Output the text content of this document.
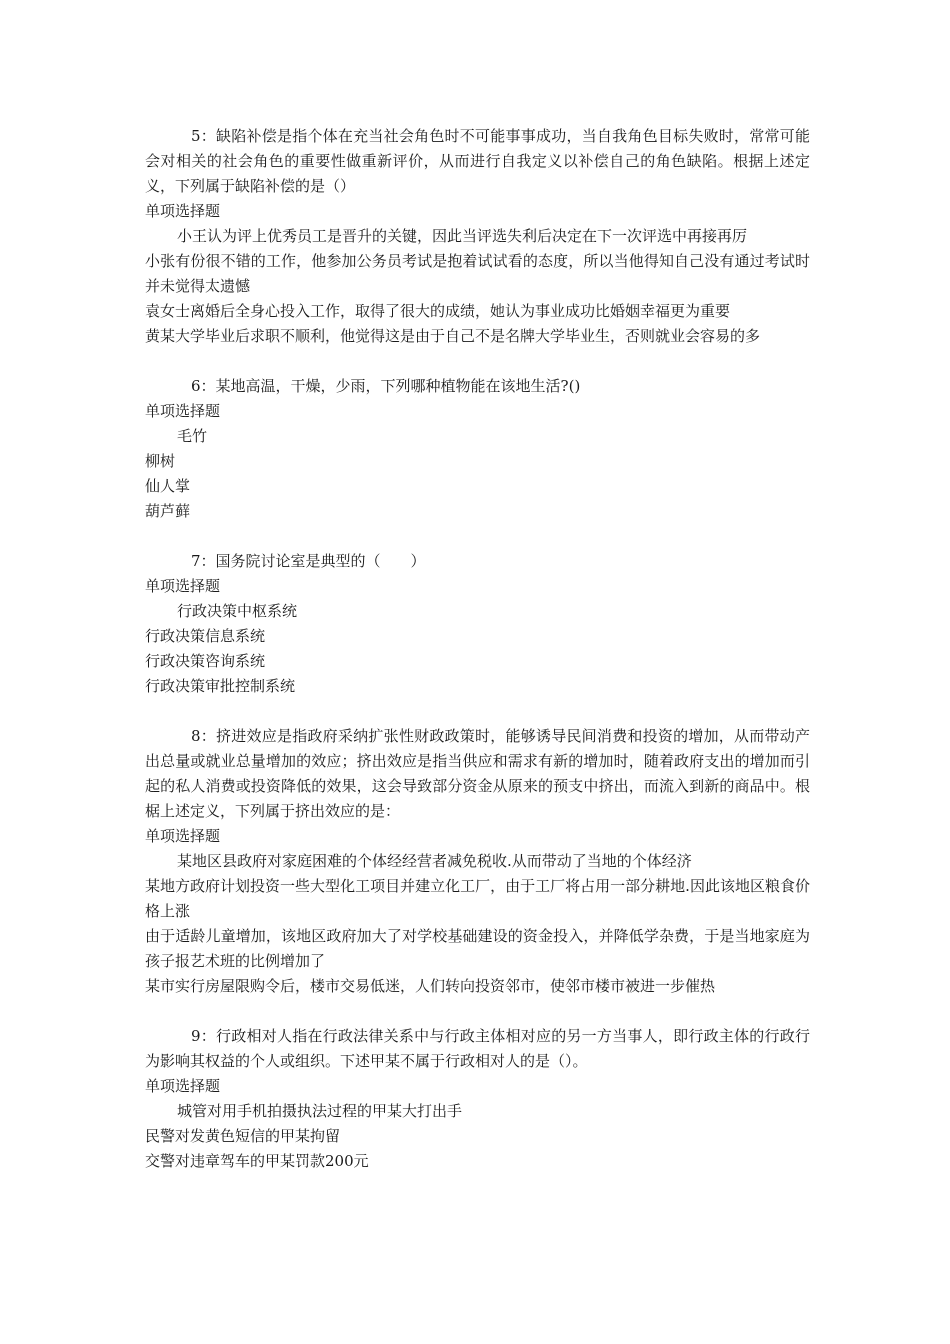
5：缺陷补偿是指个体在充当社会角色时不可能事事成功，当自我角色目标失败时，常常可能会对相关的社会角色的重要性做重新评价，从而进行自我定义以补偿自己的角色缺陷。根据上述定义，下列属于缺陷补偿的是（）

单项选择题

小王认为评上优秀员工是晋升的关键，因此当评选失利后决定在下一次评选中再接再厉
小张有份很不错的工作，他参加公务员考试是抱着试试看的态度，所以当他得知自己没有通过考试时并未觉得太遗憾
袁女士离婚后全身心投入工作，取得了很大的成绩，她认为事业成功比婚姻幸福更为重要
黄某大学毕业后求职不顺利，他觉得这是由于自己不是名牌大学毕业生，否则就业会容易的多

6：某地高温，干燥，少雨，下列哪种植物能在该地生活?()

单项选择题

毛竹
柳树
仙人掌
葫芦藓

7：国务院讨论室是典型的（　　）

单项选择题

行政决策中枢系统
行政决策信息系统
行政决策咨询系统
行政决策审批控制系统

8：挤进效应是指政府采纳扩张性财政政策时，能够诱导民间消费和投资的增加，从而带动产出总量或就业总量增加的效应；挤出效应是指当供应和需求有新的增加时，随着政府支出的增加而引起的私人消费或投资降低的效果，这会导致部分资金从原来的预支中挤出，而流入到新的商品中。根椐上述定义，下列属于挤出效应的是：

单项选择题

某地区县政府对家庭困难的个体经经营者减免税收.从而带动了当地的个体经济
某地方政府计划投资一些大型化工项目并建立化工厂，由于工厂将占用一部分耕地.因此该地区粮食价格上涨
由于适龄儿童增加，该地区政府加大了对学校基础建设的资金投入，并降低学杂费，于是当地家庭为孩子报艺术班的比例增加了
某市实行房屋限购令后，楼市交易低迷，人们转向投资邻市，使邻市楼市被进一步催热

9：行政相对人指在行政法律关系中与行政主体相对应的另一方当事人，即行政主体的行政行为影响其权益的个人或组织。下述甲某不属于行政相对人的是（）。

单项选择题

城管对用手机拍摄执法过程的甲某大打出手
民警对发黄色短信的甲某拘留
交警对违章驾车的甲某罚款200元
